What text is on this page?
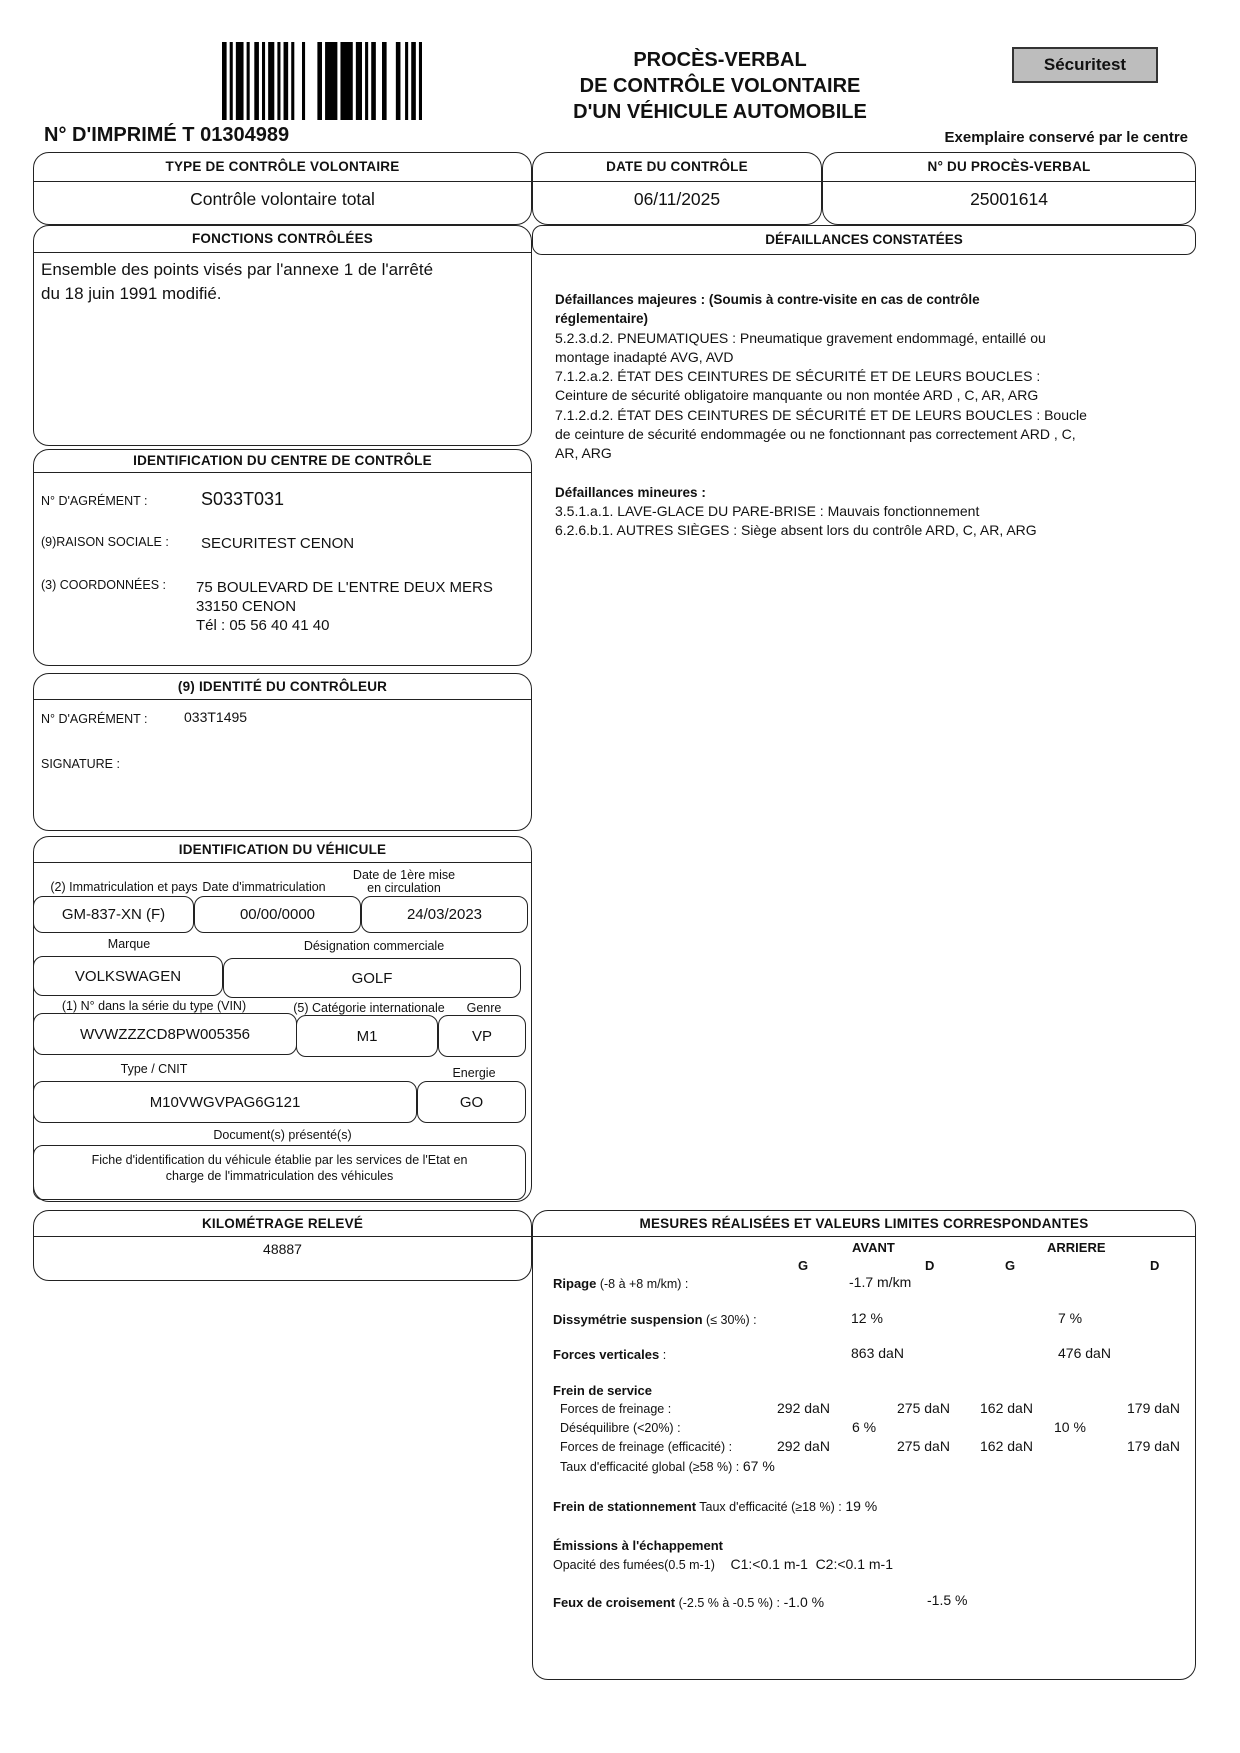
N° D'IMPRIMÉ T 01304989
PROCÈS-VERBAL
DE CONTRÔLE VOLONTAIRE
D'UN VÉHICULE AUTOMOBILE
Sécuritest
Exemplaire conservé par le centre
TYPE DE CONTRÔLE VOLONTAIRE
Contrôle volontaire total
DATE DU CONTRÔLE
06/11/2025
N° DU PROCÈS-VERBAL
25001614
FONCTIONS CONTRÔLÉES
Ensemble des points visés par l'annexe 1 de l'arrêté
du 18 juin 1991 modifié.
DÉFAILLANCES CONSTATÉES
Défaillances majeures : (Soumis à contre-visite en cas de contrôle
réglementaire)
5.2.3.d.2. PNEUMATIQUES : Pneumatique gravement endommagé, entaillé ou
montage inadapté AVG, AVD
7.1.2.a.2. ÉTAT DES CEINTURES DE SÉCURITÉ ET DE LEURS BOUCLES :
Ceinture de sécurité obligatoire manquante ou non montée ARD , C, AR, ARG
7.1.2.d.2. ÉTAT DES CEINTURES DE SÉCURITÉ ET DE LEURS BOUCLES : Boucle
de ceinture de sécurité endommagée ou ne fonctionnant pas correctement ARD , C,
AR, ARG
Défaillances mineures :
3.5.1.a.1. LAVE-GLACE DU PARE-BRISE : Mauvais fonctionnement
6.2.6.b.1. AUTRES SIÈGES : Siège absent lors du contrôle ARD, C, AR, ARG
IDENTIFICATION DU CENTRE DE CONTRÔLE
N° D'AGRÉMENT :	S033T031
(9)RAISON SOCIALE : SECURITEST CENON
(3) COORDONNÉES : 75 BOULEVARD DE L'ENTRE DEUX MERS
33150 CENON
Tél : 05 56 40 41 40
(9) IDENTITÉ DU CONTRÔLEUR
N° D'AGRÉMENT :	033T1495
SIGNATURE :
IDENTIFICATION DU VÉHICULE
(2) Immatriculation et pays Date d'immatriculation
Date de 1ère mise
en circulation
GM-837-XN (F)	00/00/0000	24/03/2023
Marque	Désignation commerciale
VOLKSWAGEN	GOLF
(1) N° dans la série du type (VIN)	(5) Catégorie internationale	Genre
WVWZZZCD8PW005356	M1	VP
Type / CNIT	Energie
M10VWGVPAG6G121	GO
Document(s) présenté(s)
Fiche d'identification du véhicule établie par les services de l'Etat en
charge de l'immatriculation des véhicules
KILOMÉTRAGE RELEVÉ
48887
MESURES RÉALISÉES ET VALEURS LIMITES CORRESPONDANTES
AVANT	ARRIERE
G	D	G	D
Ripage (-8 à +8 m/km) :	-1.7 m/km
Dissymétrie suspension (≤ 30%) :	12 %	7 %
Forces verticales :	863 daN	476 daN
Frein de service
Forces de freinage :	292 daN	275 daN 162 daN	179 daN
Déséquilibre (<20%) :	6 %	10 %
Forces de freinage (efficacité) :	292 daN	275 daN 162 daN	179 daN
Taux d'efficacité global (≥58 %) : 67 %
Frein de stationnement Taux d'efficacité (≥18 %) : 19 %
Émissions à l'échappement
Opacité des fumées(0.5 m-1) C1:<0.1 m-1 C2:<0.1 m-1
Feux de croisement (-2.5 % à -0.5 %) : -1.0 %	-1.5 %
